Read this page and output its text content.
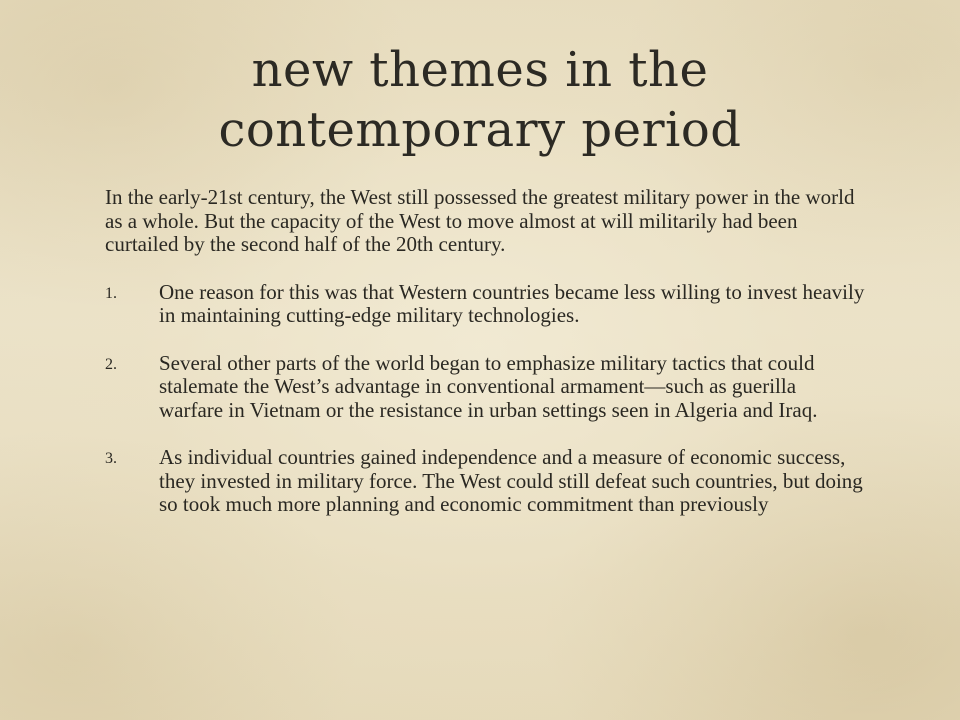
new themes in the
contemporary period

In the early-21st century, the West still possessed the greatest military power in the world as a whole. But the capacity of the West to move almost at will militarily had been curtailed by the second half of the 20th century.

1. One reason for this was that Western countries became less willing to invest heavily in maintaining cutting-edge military technologies.
2. Several other parts of the world began to emphasize military tactics that could stalemate the West’s advantage in conventional armament—such as guerilla warfare in Vietnam or the resistance in urban settings seen in Algeria and Iraq.
3. As individual countries gained independence and a measure of economic success, they invested in military force. The West could still defeat such countries, but doing so took much more planning and economic commitment than previously
